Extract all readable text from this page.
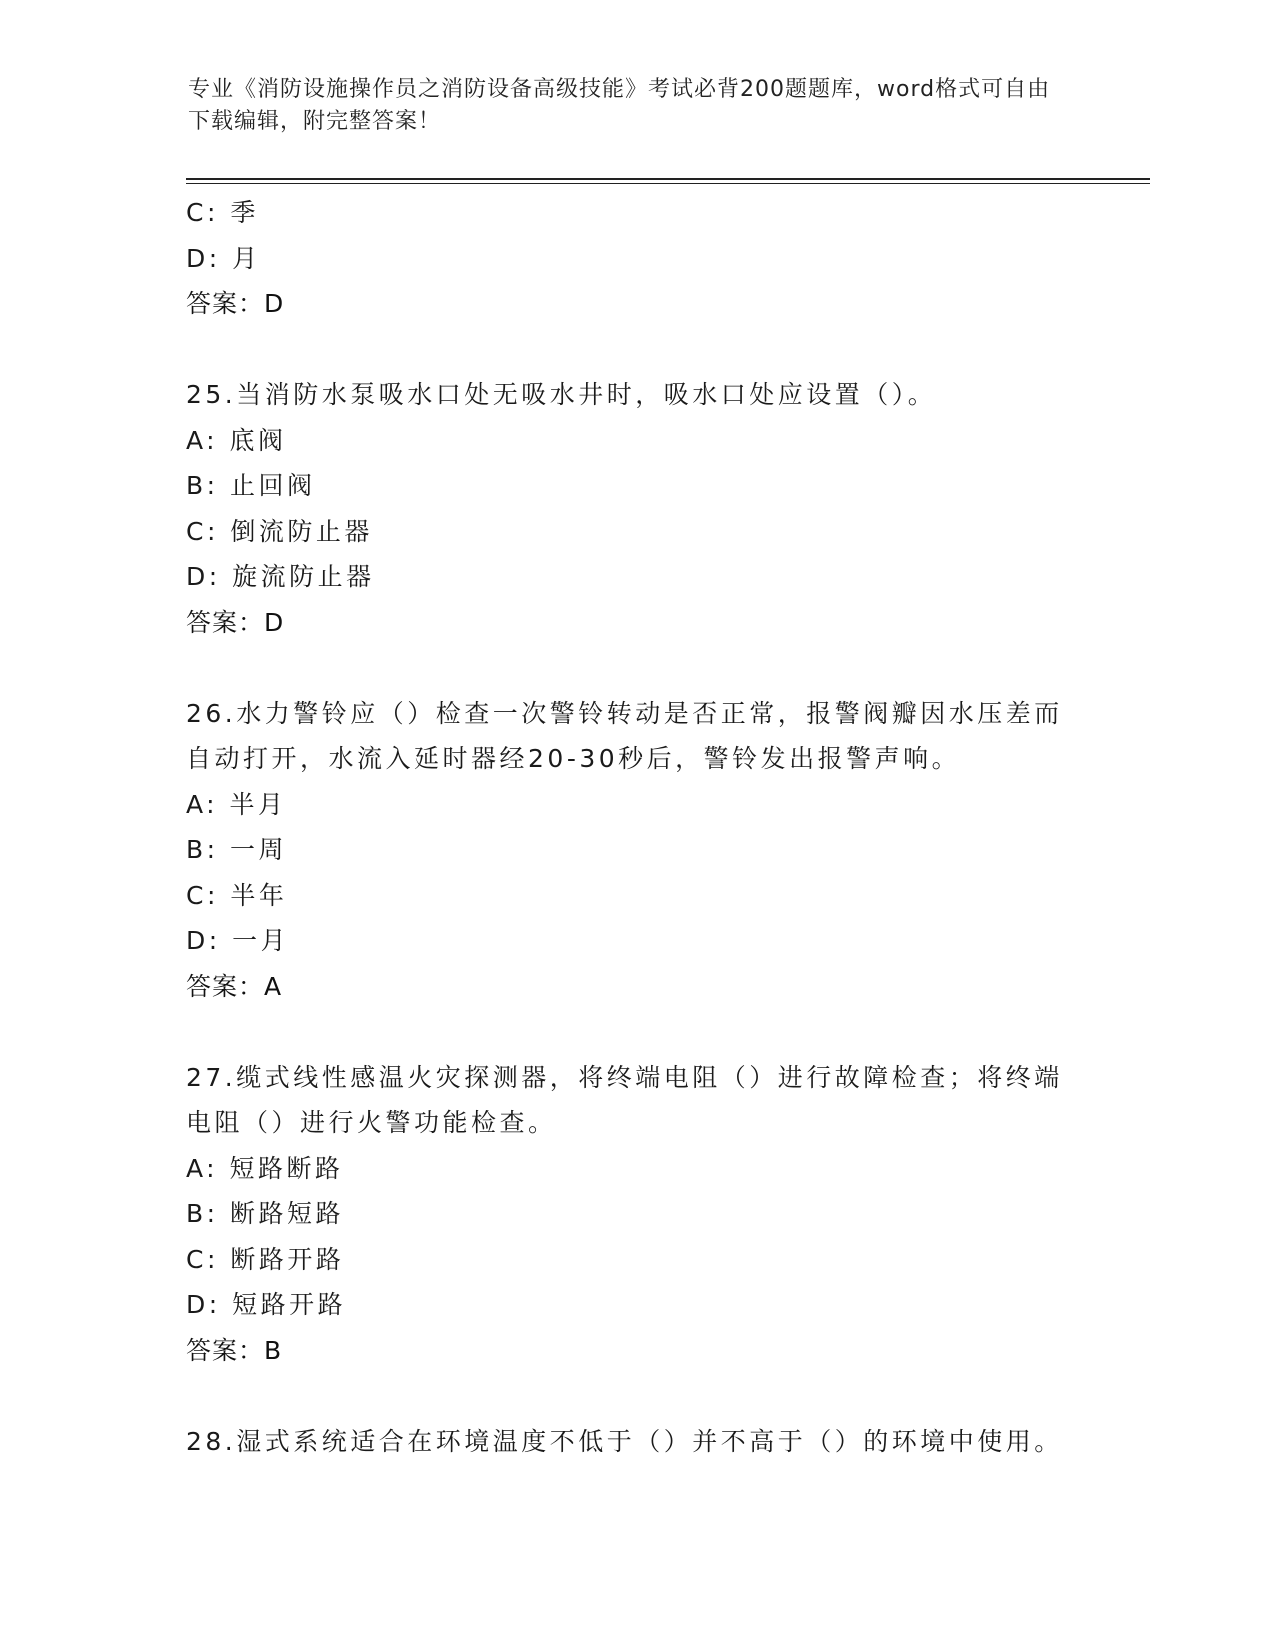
专业《消防设施操作员之消防设备高级技能》考试必背200题题库，word格式可自由下载编辑，附完整答案！
C: 季
D: 月
答案：D
25.当消防水泵吸水口处无吸水井时，吸水口处应设置（）。
A: 底阀
B: 止回阀
C: 倒流防止器
D: 旋流防止器
答案：D
26.水力警铃应（）检查一次警铃转动是否正常，报警阀瓣因水压差而自动打开，水流入延时器经20-30秒后，警铃发出报警声响。
A: 半月
B: 一周
C: 半年
D: 一月
答案：A
27.缆式线性感温火灾探测器，将终端电阻（）进行故障检查；将终端电阻（）进行火警功能检查。
A: 短路断路
B: 断路短路
C: 断路开路
D: 短路开路
答案：B
28.湿式系统适合在环境温度不低于（）并不高于（）的环境中使用。
